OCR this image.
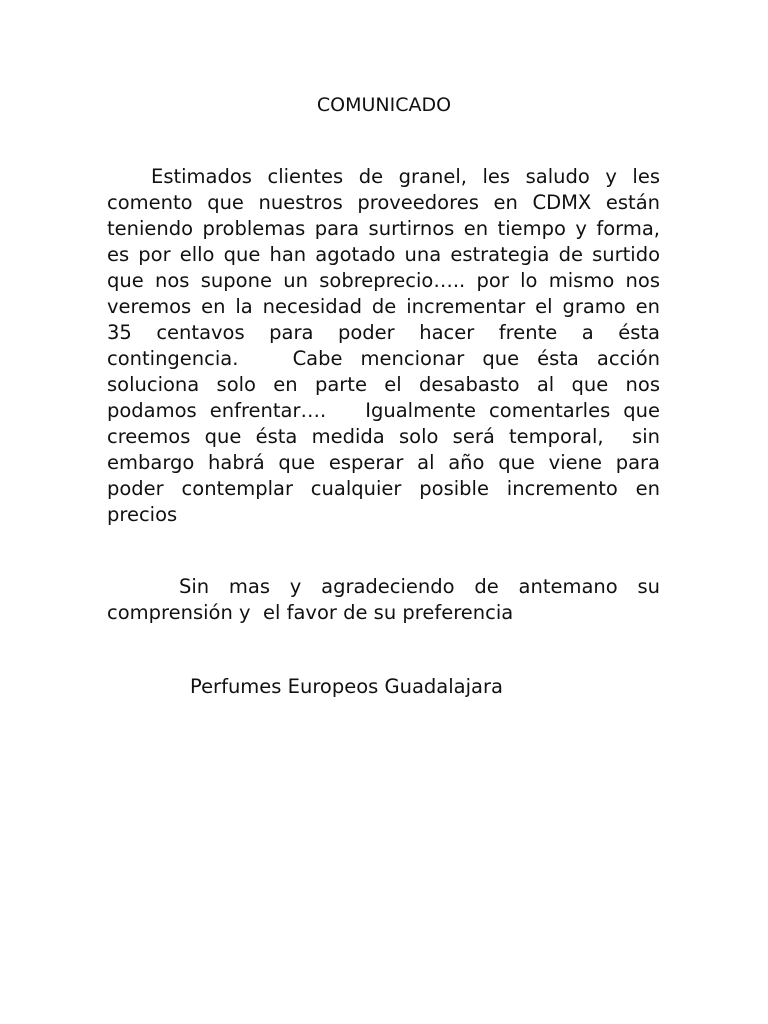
COMUNICADO

Estimados clientes de granel, les saludo y les comento que nuestros proveedores en CDMX están teniendo problemas para surtirnos en tiempo y forma, es por ello que han agotado una estrategia de surtido que nos supone un sobreprecio….. por lo mismo nos veremos en la necesidad de incrementar el gramo en 35 centavos para poder hacer frente a ésta contingencia.   Cabe mencionar que ésta acción soluciona solo en parte el desabasto al que nos podamos enfrentar….   Igualmente comentarles que creemos que ésta medida solo será temporal,  sin embargo habrá que esperar al año que viene para poder contemplar cualquier posible incremento en precios

Sin mas y agradeciendo de antemano su comprensión y  el favor de su preferencia

Perfumes Europeos Guadalajara
